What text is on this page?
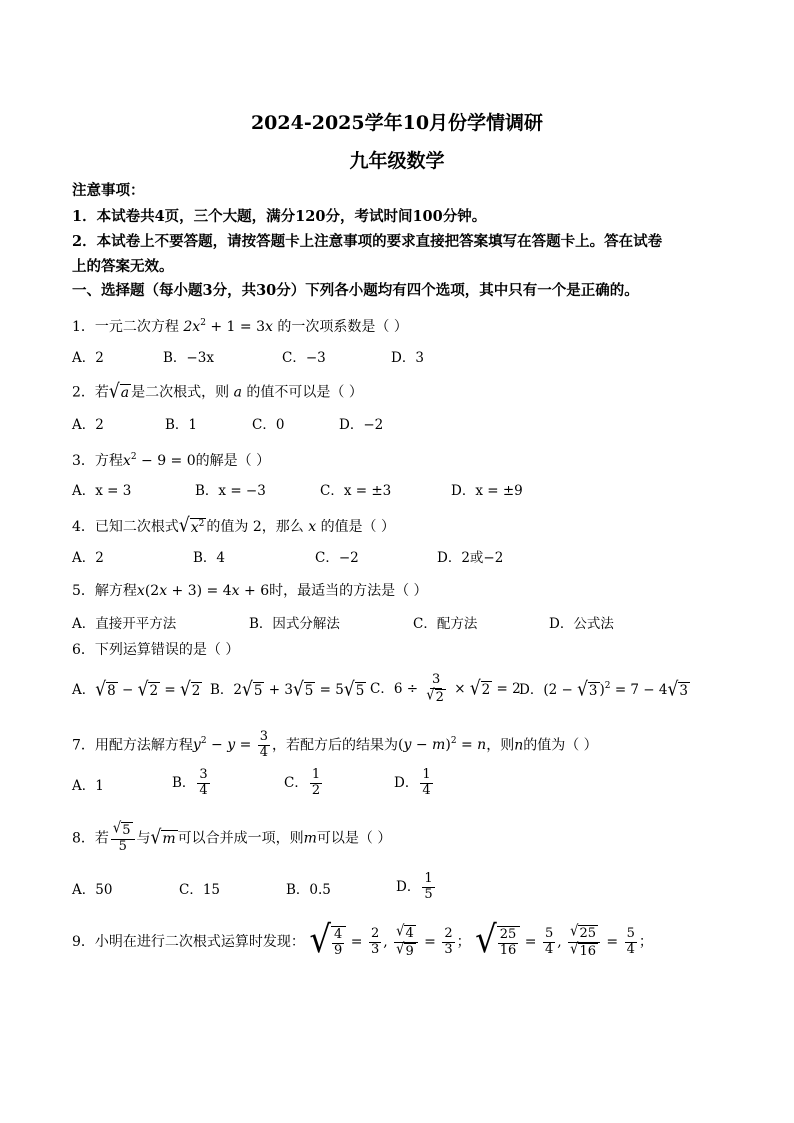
2024-2025学年10月份学情调研
九年级数学
注意事项：
1．本试卷共4页，三个大题，满分120分，考试时间100分钟。
2．本试卷上不要答题，请按答题卡上注意事项的要求直接把答案填写在答题卡上。答在试卷
上的答案无效。
一、选择题（每小题3分，共30分）下列各小题均有四个选项，其中只有一个是正确的。
1．一元二次方程 $2x^2 + 1 = 3x$ 的一次项系数是（ ）
A．2	B．−3x	C．−3	D．3
2．若 √ a 是二次根式，则 a 的值不可以是（ ）
A．2	B．1	C．0	D．−2
3．方程$x^2 - 9 = 0$的解是（ ）
A．x = 3	B．x = −3	C．x = ±3	D．x = ±9
4．已知二次根式 √ $x^2$ 的值为 2，那么 x 的值是（ ）
A．2	B．4	C．−2	D．2或−2
5．解方程x(2x + 3) = 4x + 6时，最适当的方法是（ ）
A．直接开平方法	B．因式分解法	C．配方法	D．公式法
6．下列运算错误的是（ ）
A． √ 8 − √ 2 = √ 2 B．2 √ 5 + 3 √ 5 = 5 √ 5 C．$6 \div \frac{3}{√ 2}$ × √ 2 = 2
D．(2 − √ 3 )$^2$ = 7 − 4 √ 3
7．用配方法解方程$y^2 - y = \frac{3}{4}$ ，若配方后的结果为$(y - m)^2 = n$，则n的值为（ ）
A．1	B． $\frac{3}{4}$	C． $\frac{1}{2}$	D． $\frac{1}{4}$
8．若 $\frac{√ 5}{5}$ 与 √ m 可以合并成一项，则m可以是（ ）
A．50	C．15	B．0.5	D． $\frac{1}{5}$
9．小明在进行二次根式运算时发现： √ $\frac{4}{9} = \frac{2}{3}$ , $\frac{√ 4}{√ 9} = \frac{2}{3}$ ； √ $\frac{25}{16} = \frac{5}{4}$ , $\frac{√ 25}{√ 16} = \frac{5}{4}$ ；
